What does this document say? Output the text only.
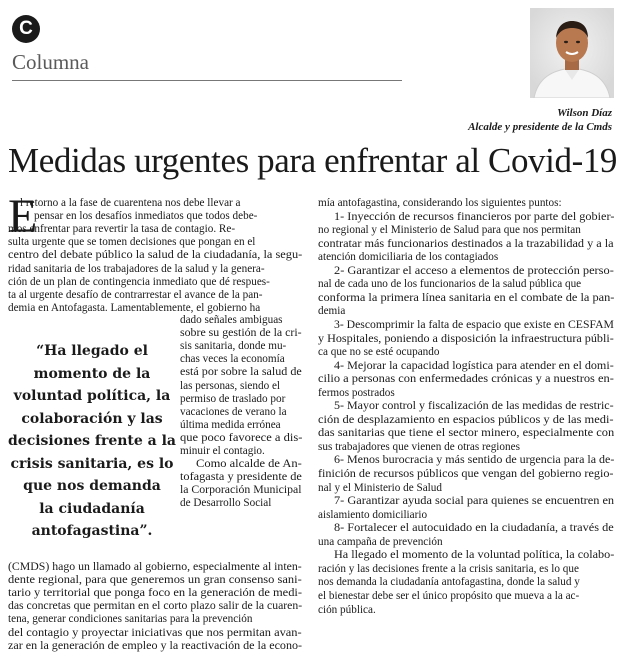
C
Columna
Wilson Díaz
Alcalde y presidente de la Cmds
Medidas urgentes para enfrentar al Covid-19
E
l retorno a la fase de cuarentena nos debe llevar a
pensar en los desafíos inmediatos que todos debe-
mos enfrentar para revertir la tasa de contagio. Re-
sulta urgente que se tomen decisiones que pongan en el
centro del debate público la salud de la ciudadanía, la segu-
ridad sanitaria de los trabajadores de la salud y la genera-
ción de un plan de contingencia inmediato que dé respues-
ta al urgente desafío de contrarrestar el avance de la pan-
demia en Antofagasta. Lamentablemente, el gobierno ha
“Ha llegado el
momento de la
voluntad política, la
colaboración y las
decisiones frente a la
crisis sanitaria, es lo
que nos demanda
la ciudadanía
antofagastina”.
dado señales ambiguas
sobre su gestión de la cri-
sis sanitaria, donde mu-
chas veces la economía
está por sobre la salud de
las personas, siendo el
permiso de traslado por
vacaciones de verano la
última medida errónea
que poco favorece a dis-
minuir el contagio.
Como alcalde de An-
tofagasta y presidente de
la Corporación Municipal
de Desarrollo Social
(CMDS) hago un llamado al gobierno, especialmente al inten-
dente regional, para que generemos un gran consenso sani-
tario y territorial que ponga foco en la generación de medi-
das concretas que permitan en el corto plazo salir de la cuaren-
tena, generar condiciones sanitarias para la prevención
del contagio y proyectar iniciativas que nos permitan avan-
zar en la generación de empleo y la reactivación de la econo-
mía antofagastina, considerando los siguientes puntos:
1- Inyección de recursos financieros por parte del gobier-
no regional y el Ministerio de Salud para que nos permitan
contratar más funcionarios destinados a la trazabilidad y a la
atención domiciliaria de los contagiados
2- Garantizar el acceso a elementos de protección perso-
nal de cada uno de los funcionarios de la salud pública que
conforma la primera línea sanitaria en el combate de la pan-
demia
3- Descomprimir la falta de espacio que existe en CESFAM
y Hospitales, poniendo a disposición la infraestructura públi-
ca que no se esté ocupando
4- Mejorar la capacidad logística para atender en el domi-
cilio a personas con enfermedades crónicas y a nuestros en-
fermos postrados
5- Mayor control y fiscalización de las medidas de restric-
ción de desplazamiento en espacios públicos y de las medi-
das sanitarias que tiene el sector minero, especialmente con
sus trabajadores que vienen de otras regiones
6- Menos burocracia y más sentido de urgencia para la de-
finición de recursos públicos que vengan del gobierno regio-
nal y el Ministerio de Salud
7- Garantizar ayuda social para quienes se encuentren en
aislamiento domiciliario
8- Fortalecer el autocuidado en la ciudadanía, a través de
una campaña de prevención
Ha llegado el momento de la voluntad política, la colabo-
ración y las decisiones frente a la crisis sanitaria, es lo que
nos demanda la ciudadanía antofagastina, donde la salud y
el bienestar debe ser el único propósito que mueva a la ac-
ción pública.
